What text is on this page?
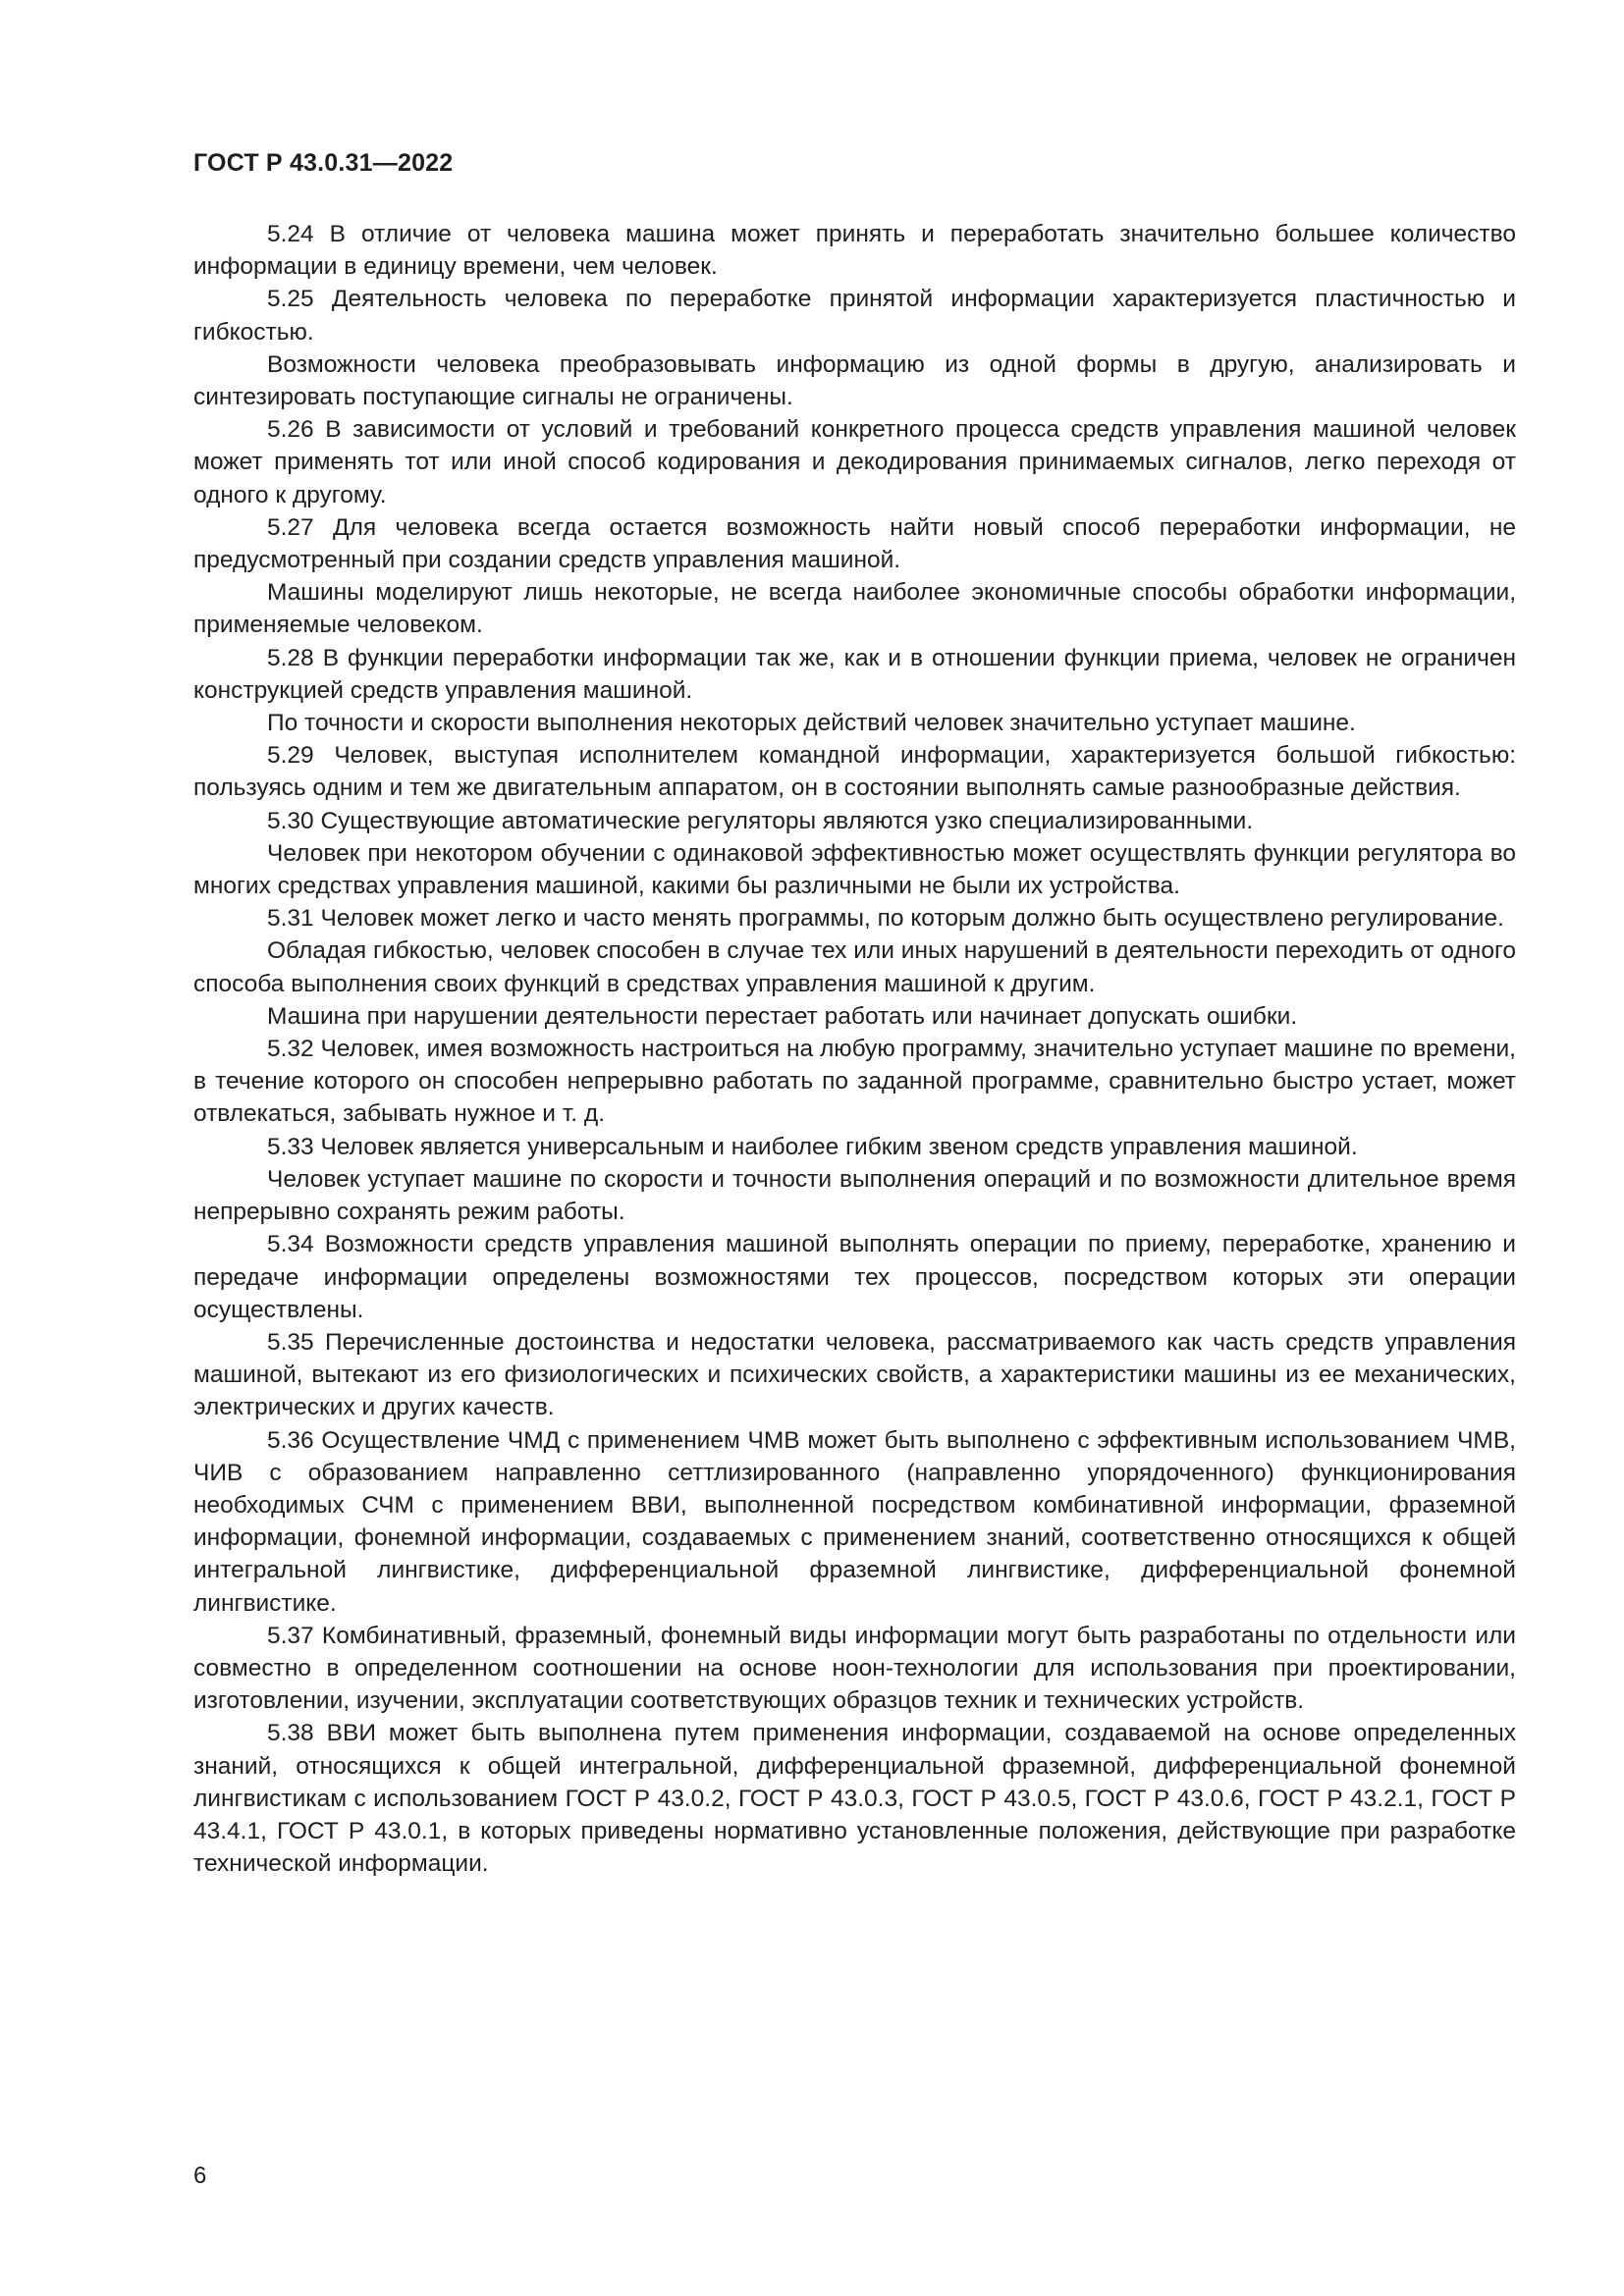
ГОСТ Р 43.0.31—2022

5.24 В отличие от человека машина может принять и переработать значительно большее количество информации в единицу времени, чем человек.

5.25 Деятельность человека по переработке принятой информации характеризуется пластичностью и гибкостью.

Возможности человека преобразовывать информацию из одной формы в другую, анализировать и синтезировать поступающие сигналы не ограничены.

5.26 В зависимости от условий и требований конкретного процесса средств управления машиной человек может применять тот или иной способ кодирования и декодирования принимаемых сигналов, легко переходя от одного к другому.

5.27 Для человека всегда остается возможность найти новый способ переработки информации, не предусмотренный при создании средств управления машиной.

Машины моделируют лишь некоторые, не всегда наиболее экономичные способы обработки информации, применяемые человеком.

5.28 В функции переработки информации так же, как и в отношении функции приема, человек не ограничен конструкцией средств управления машиной.

По точности и скорости выполнения некоторых действий человек значительно уступает машине.

5.29 Человек, выступая исполнителем командной информации, характеризуется большой гибкостью: пользуясь одним и тем же двигательным аппаратом, он в состоянии выполнять самые разнообразные действия.

5.30 Существующие автоматические регуляторы являются узко специализированными.

Человек при некотором обучении с одинаковой эффективностью может осуществлять функции регулятора во многих средствах управления машиной, какими бы различными не были их устройства.

5.31 Человек может легко и часто менять программы, по которым должно быть осуществлено регулирование.

Обладая гибкостью, человек способен в случае тех или иных нарушений в деятельности переходить от одного способа выполнения своих функций в средствах управления машиной к другим.

Машина при нарушении деятельности перестает работать или начинает допускать ошибки.

5.32 Человек, имея возможность настроиться на любую программу, значительно уступает машине по времени, в течение которого он способен непрерывно работать по заданной программе, сравнительно быстро устает, может отвлекаться, забывать нужное и т. д.

5.33 Человек является универсальным и наиболее гибким звеном средств управления машиной.

Человек уступает машине по скорости и точности выполнения операций и по возможности длительное время непрерывно сохранять режим работы.

5.34 Возможности средств управления машиной выполнять операции по приему, переработке, хранению и передаче информации определены возможностями тех процессов, посредством которых эти операции осуществлены.

5.35 Перечисленные достоинства и недостатки человека, рассматриваемого как часть средств управления машиной, вытекают из его физиологических и психических свойств, а характеристики машины из ее механических, электрических и других качеств.

5.36 Осуществление ЧМД с применением ЧМВ может быть выполнено с эффективным использованием ЧМВ, ЧИВ с образованием направленно сеттлизированного (направленно упорядоченного) функционирования необходимых СЧМ с применением ВВИ, выполненной посредством комбинативной информации, фраземной информации, фонемной информации, создаваемых с применением знаний, соответственно относящихся к общей интегральной лингвистике, дифференциальной фраземной лингвистике, дифференциальной фонемной лингвистике.

5.37 Комбинативный, фраземный, фонемный виды информации могут быть разработаны по отдельности или совместно в определенном соотношении на основе ноон-технологии для использования при проектировании, изготовлении, изучении, эксплуатации соответствующих образцов техник и технических устройств.

5.38 ВВИ может быть выполнена путем применения информации, создаваемой на основе определенных знаний, относящихся к общей интегральной, дифференциальной фраземной, дифференциальной фонемной лингвистикам с использованием ГОСТ Р 43.0.2, ГОСТ Р 43.0.3, ГОСТ Р 43.0.5, ГОСТ Р 43.0.6, ГОСТ Р 43.2.1, ГОСТ Р 43.4.1, ГОСТ Р 43.0.1, в которых приведены нормативно установленные положения, действующие при разработке технической информации.

6
